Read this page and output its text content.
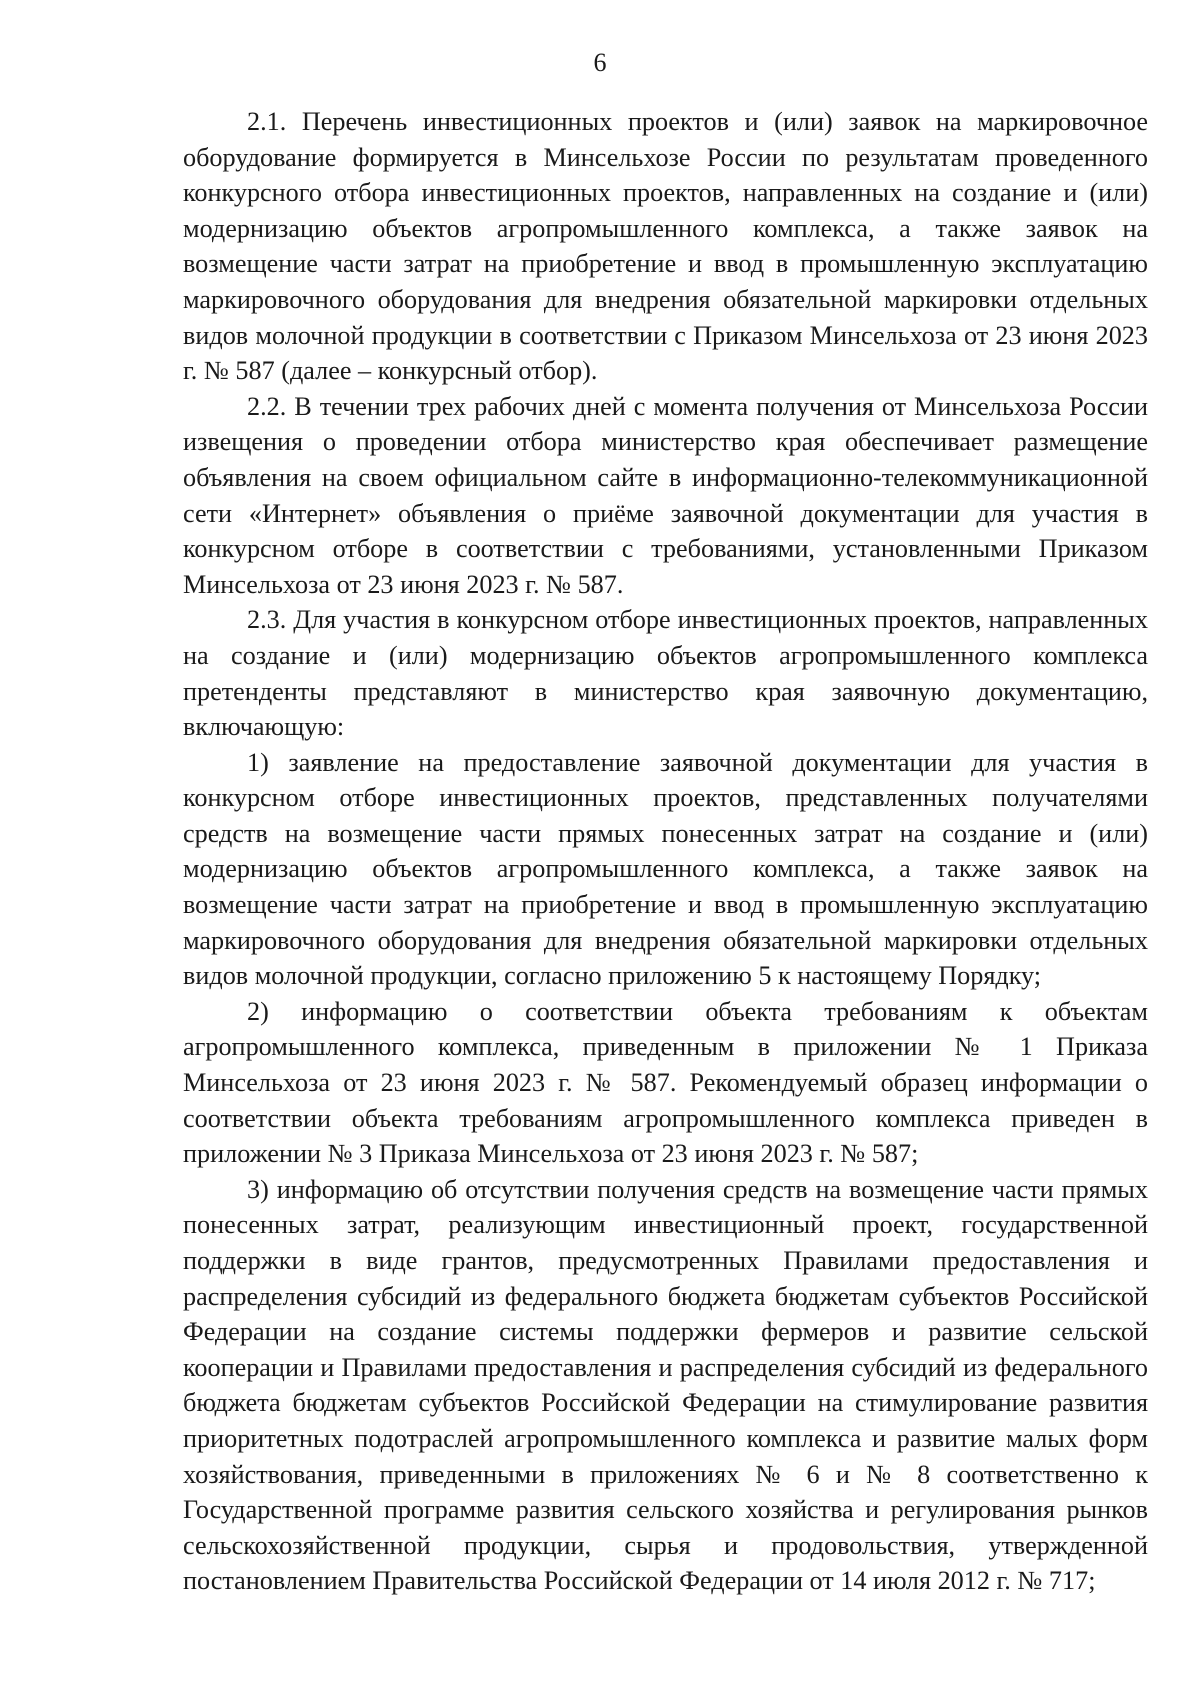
6

2.1. Перечень инвестиционных проектов и (или) заявок на маркировочное оборудование формируется в Минсельхозе России по результатам проведенного конкурсного отбора инвестиционных проектов, направленных на создание и (или) модернизацию объектов агропромышленного комплекса, а также заявок на возмещение части затрат на приобретение и ввод в промышленную эксплуатацию маркировочного оборудования для внедрения обязательной маркировки отдельных видов молочной продукции в соответствии с Приказом Минсельхоза от 23 июня 2023 г. № 587 (далее – конкурсный отбор).

2.2. В течении трех рабочих дней с момента получения от Минсельхоза России извещения о проведении отбора министерство края обеспечивает размещение объявления на своем официальном сайте в информационно-телекоммуникационной сети «Интернет» объявления о приёме заявочной документации для участия в конкурсном отборе в соответствии с требованиями, установленными Приказом Минсельхоза от 23 июня 2023 г. № 587.

2.3. Для участия в конкурсном отборе инвестиционных проектов, направленных на создание и (или) модернизацию объектов агропромышленного комплекса претенденты представляют в министерство края заявочную документацию, включающую:

1) заявление на предоставление заявочной документации для участия в конкурсном отборе инвестиционных проектов, представленных получателями средств на возмещение части прямых понесенных затрат на создание и (или) модернизацию объектов агропромышленного комплекса, а также заявок на возмещение части затрат на приобретение и ввод в промышленную эксплуатацию маркировочного оборудования для внедрения обязательной маркировки отдельных видов молочной продукции, согласно приложению 5 к настоящему Порядку;

2) информацию о соответствии объекта требованиям к объектам агропромышленного комплекса, приведенным в приложении № 1 Приказа Минсельхоза от 23 июня 2023 г. № 587. Рекомендуемый образец информации о соответствии объекта требованиям агропромышленного комплекса приведен в приложении № 3 Приказа Минсельхоза от 23 июня 2023 г. № 587;

3) информацию об отсутствии получения средств на возмещение части прямых понесенных затрат, реализующим инвестиционный проект, государственной поддержки в виде грантов, предусмотренных Правилами предоставления и распределения субсидий из федерального бюджета бюджетам субъектов Российской Федерации на создание системы поддержки фермеров и развитие сельской кооперации и Правилами предоставления и распределения субсидий из федерального бюджета бюджетам субъектов Российской Федерации на стимулирование развития приоритетных подотраслей агропромышленного комплекса и развитие малых форм хозяйствования, приведенными в приложениях № 6 и № 8 соответственно к Государственной программе развития сельского хозяйства и регулирования рынков сельскохозяйственной продукции, сырья и продовольствия, утвержденной постановлением Правительства Российской Федерации от 14 июля 2012 г. № 717;
